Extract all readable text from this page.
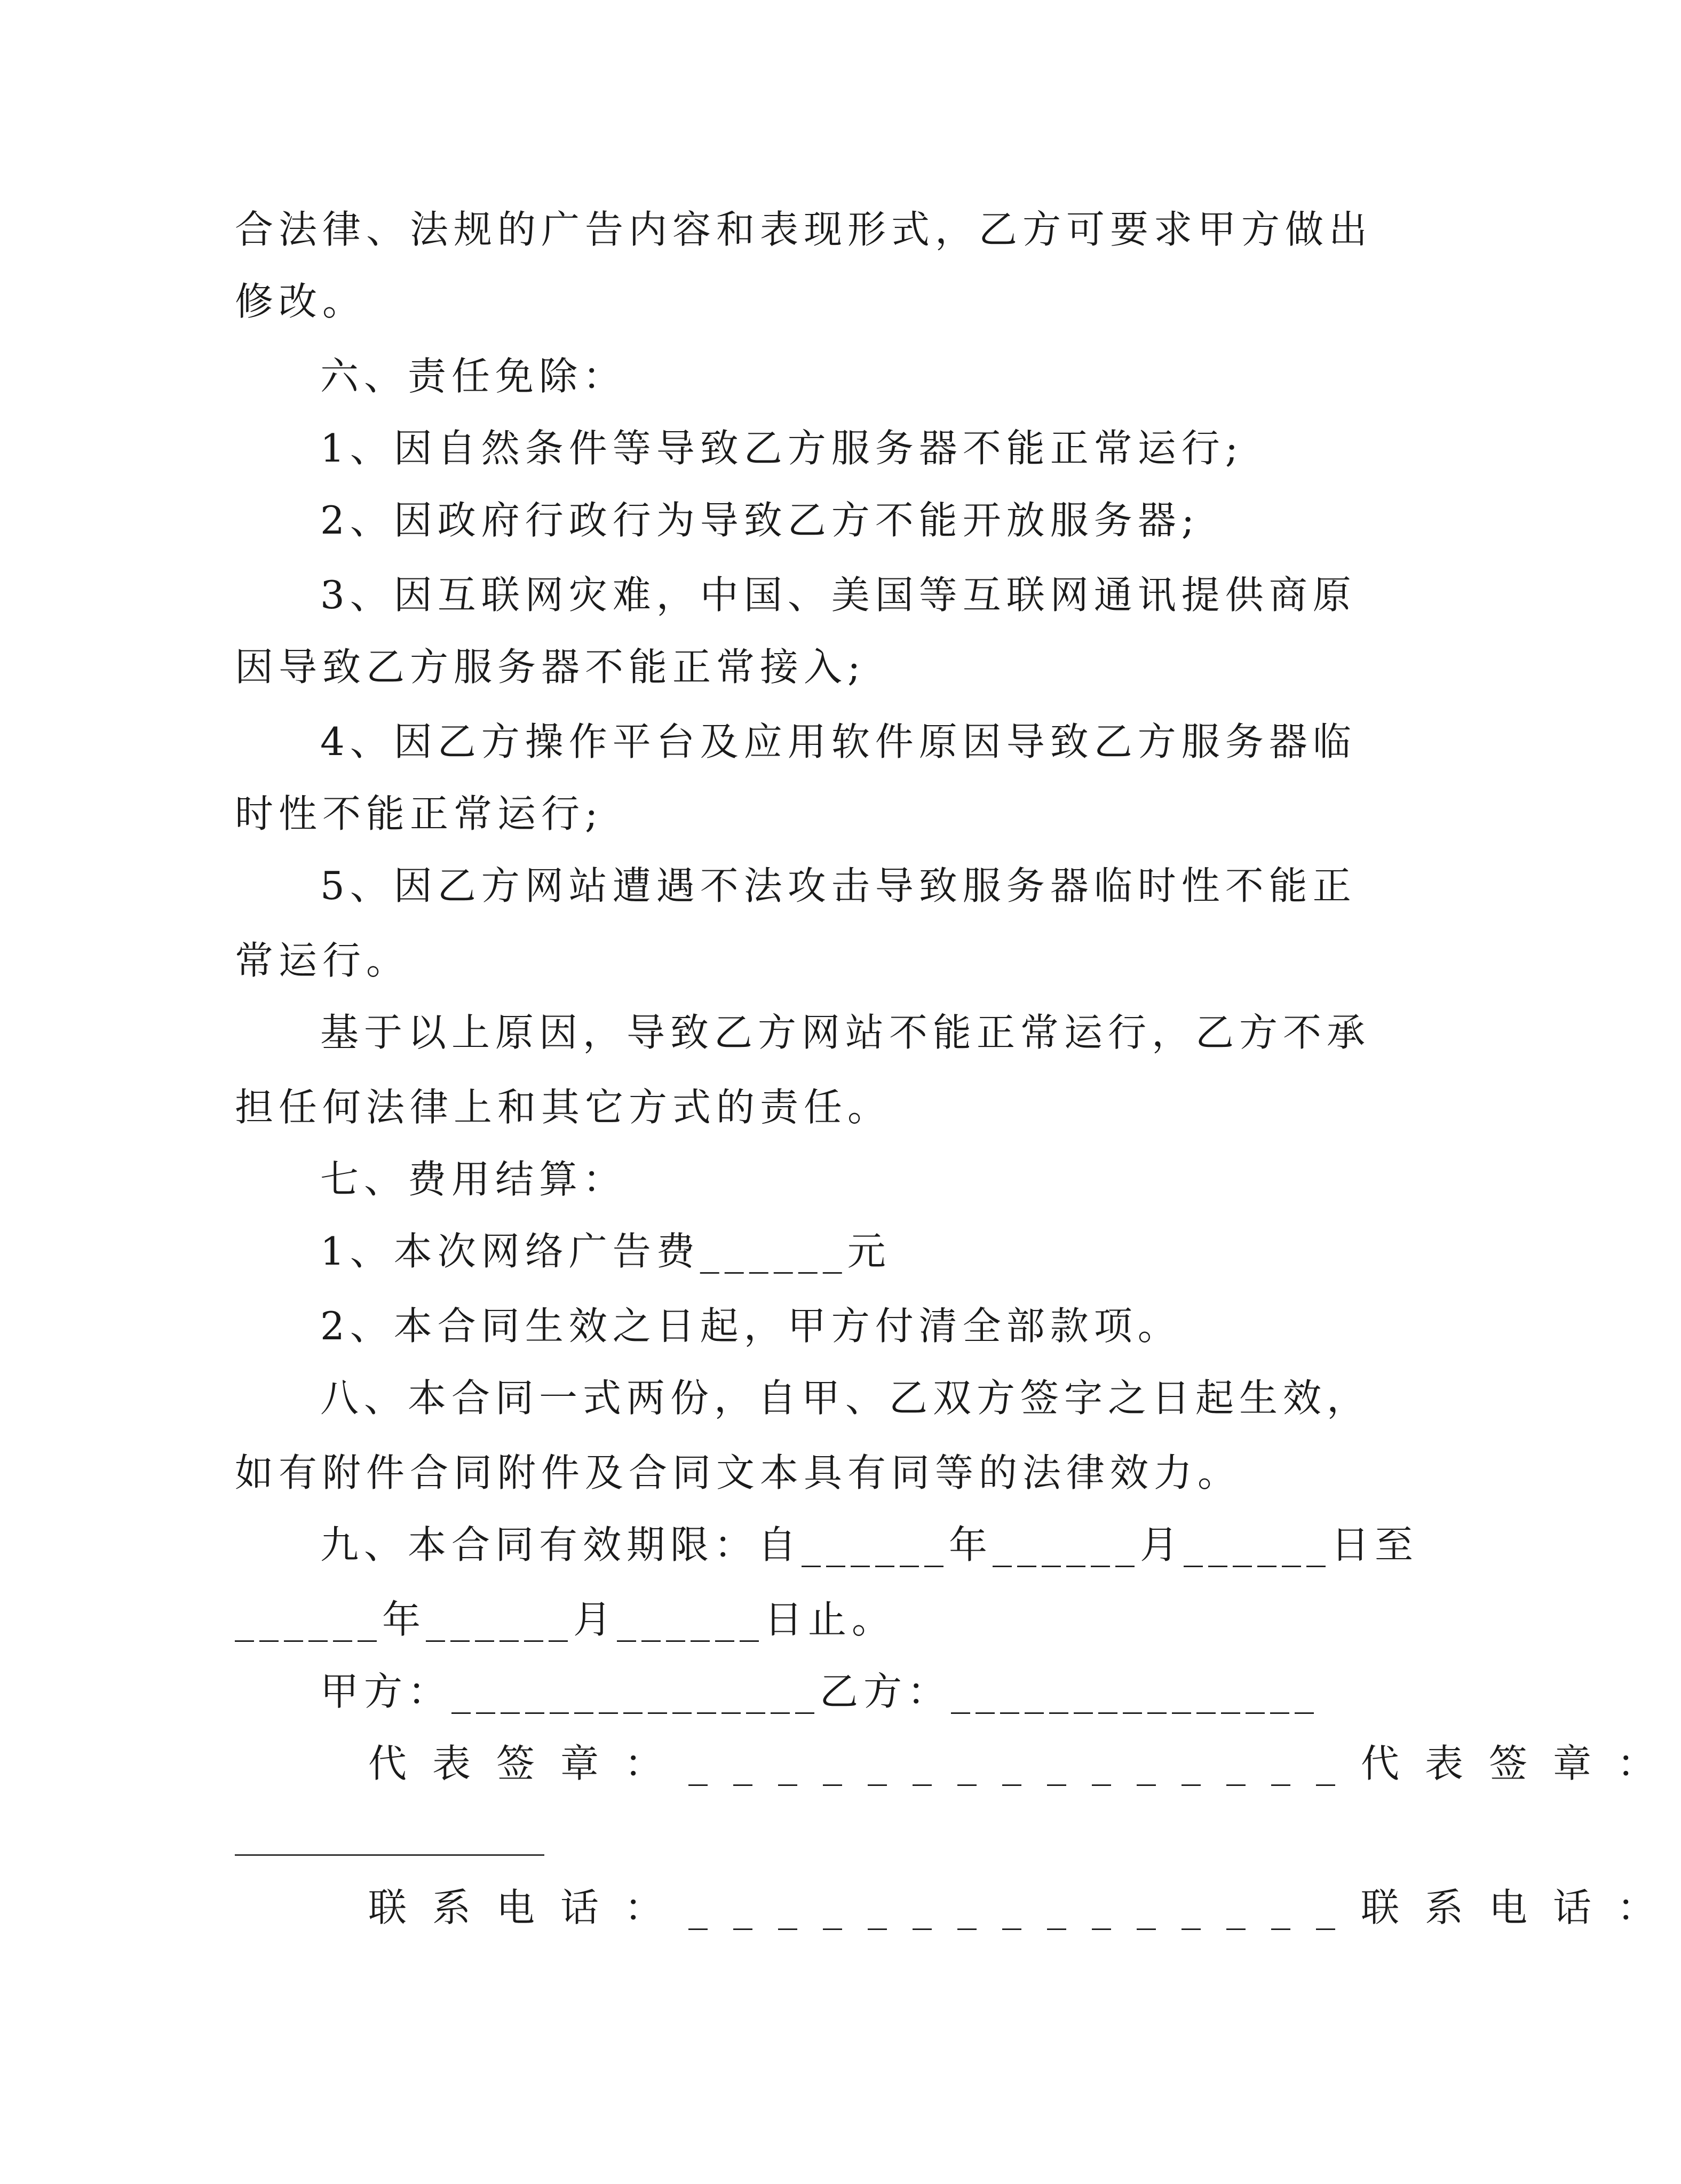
合法律、法规的广告内容和表现形式，乙方可要求甲方做出
修改。
六、责任免除：
1、因自然条件等导致乙方服务器不能正常运行;
2、因政府行政行为导致乙方不能开放服务器;
3、因互联网灾难，中国、美国等互联网通讯提供商原
因导致乙方服务器不能正常接入;
4、因乙方操作平台及应用软件原因导致乙方服务器临
时性不能正常运行;
5、因乙方网站遭遇不法攻击导致服务器临时性不能正
常运行。
基于以上原因，导致乙方网站不能正常运行，乙方不承
担任何法律上和其它方式的责任。
七、费用结算：
1、本次网络广告费______元
2、本合同生效之日起，甲方付清全部款项。
八、本合同一式两份，自甲、乙双方签字之日起生效，
如有附件合同附件及合同文本具有同等的法律效力。
九、本合同有效期限：自______年______月______日至
______年______月______日止。
甲方：_______________乙方：_______________
代表签章：_______________代表签章：
联系电话：_______________联系电话：
